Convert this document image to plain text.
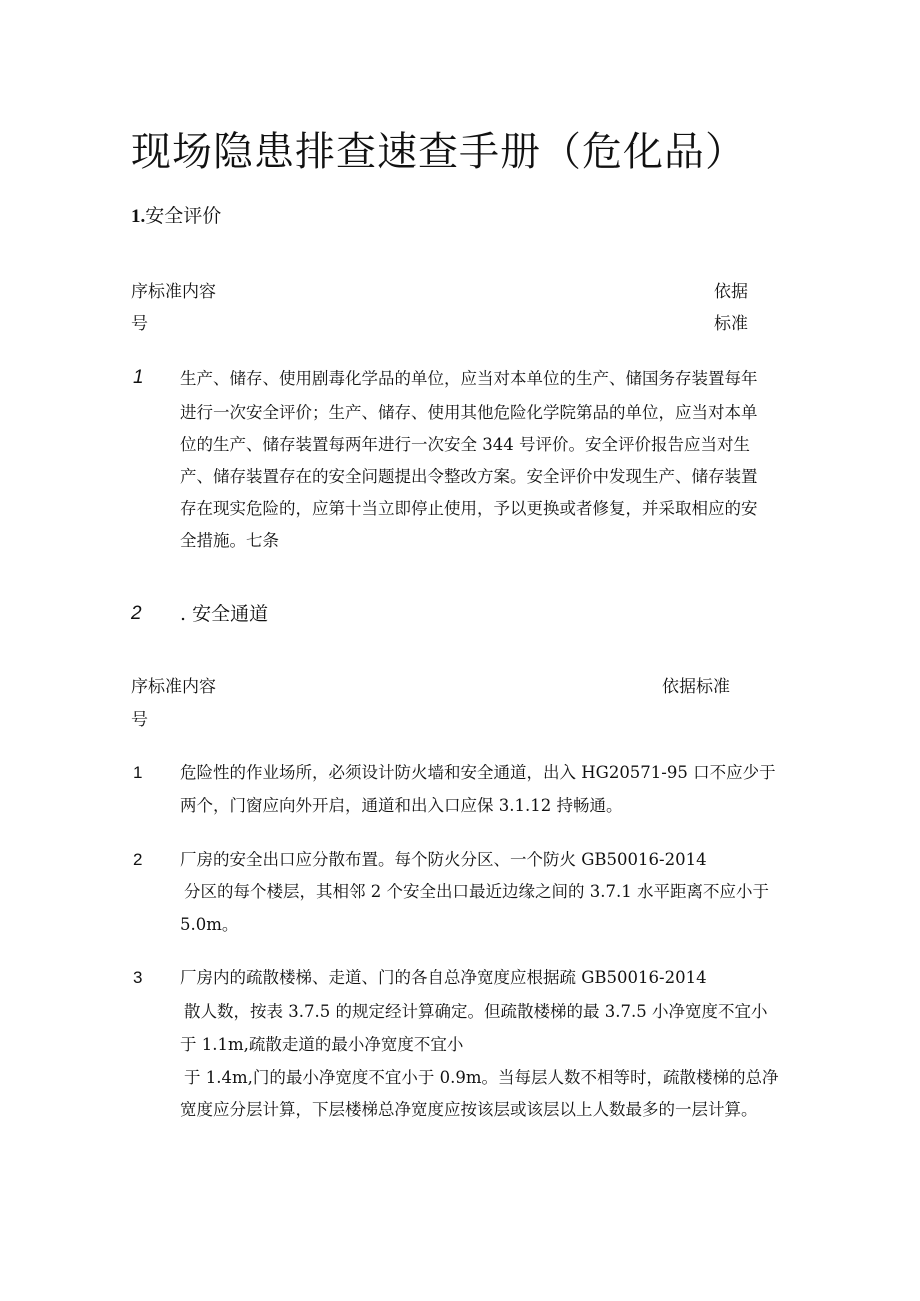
现场隐患排查速查手册（危化品）
1.安全评价
序标准内容
号
依据
标准
1 生产、储存、使用剧毒化学品的单位，应当对本单位的生产、储国务存装置每年
进行一次安全评价；生产、储存、使用其他危险化学院第品的单位，应当对本单
位的生产、储存装置每两年进行一次安全 344 号评价。安全评价报告应当对生
产、储存装置存在的安全问题提出令整改方案。安全评价中发现生产、储存装置
存在现实危险的，应第十当立即停止使用，予以更换或者修复，并采取相应的安
全措施。七条
2 . 安全通道
序标准内容
号
依据标准
1 危险性的作业场所，必须设计防火墙和安全通道，出入 HG20571-95 口不应少于
两个，门窗应向外开启，通道和出入口应保 3.1.12 持畅通。
2 厂房的安全出口应分散布置。每个防火分区、一个防火 GB50016-2014
分区的每个楼层，其相邻 2 个安全出口最近边缘之间的 3.7.1 水平距离不应小于
5.0m。
3 厂房内的疏散楼梯、走道、门的各自总净宽度应根据疏 GB50016-2014
散人数，按表 3.7.5 的规定经计算确定。但疏散楼梯的最 3.7.5 小净宽度不宜小
于 1.1m,疏散走道的最小净宽度不宜小
于 1.4m,门的最小净宽度不宜小于 0.9m。当每层人数不相等时，疏散楼梯的总净
宽度应分层计算，下层楼梯总净宽度应按该层或该层以上人数最多的一层计算。
